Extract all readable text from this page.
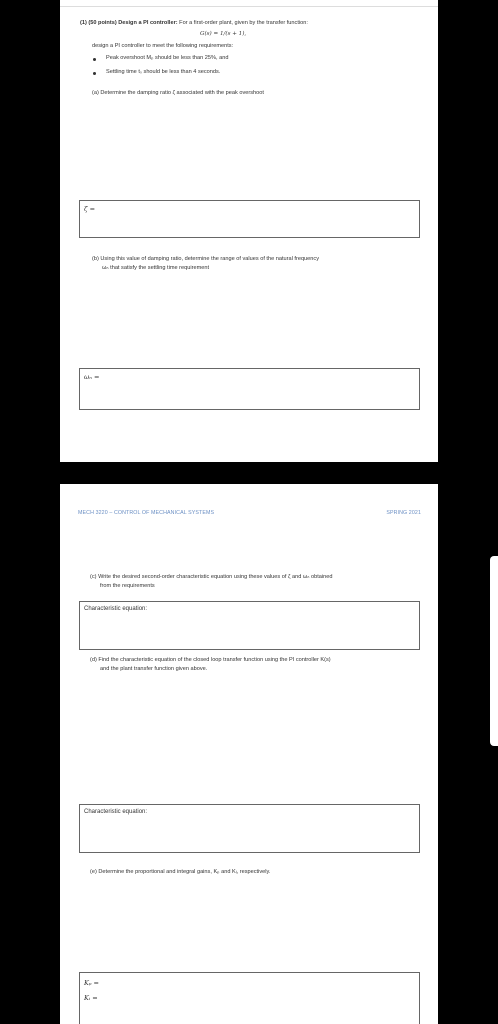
(1) (50 points) Design a PI controller: For a first-order plant, given by the transfer function:
G(s) = 1/(s + 1),
design a PI controller to meet the following requirements:
Peak overshoot Mₚ should be less than 25%, and
Settling time tₛ should be less than 4 seconds.
(a) Determine the damping ratio ζ associated with the peak overshoot
ζ =
(b) Using this value of damping ratio, determine the range of values of the natural frequency
ωₙ that satisfy the settling time requirement
ωₙ =
MECH 3220 – CONTROL OF MECHANICAL SYSTEMS	SPRING 2021
(c) Write the desired second-order characteristic equation using these values of ζ and ωₙ obtained
from the requirements
Characteristic equation:
(d) Find the characteristic equation of the closed loop transfer function using the PI controller K(s)
and the plant transfer function given above.
Characteristic equation:
(e) Determine the proportional and integral gains, Kₚ and Kᵢ, respectively.
Kₚ =
Kᵢ =
